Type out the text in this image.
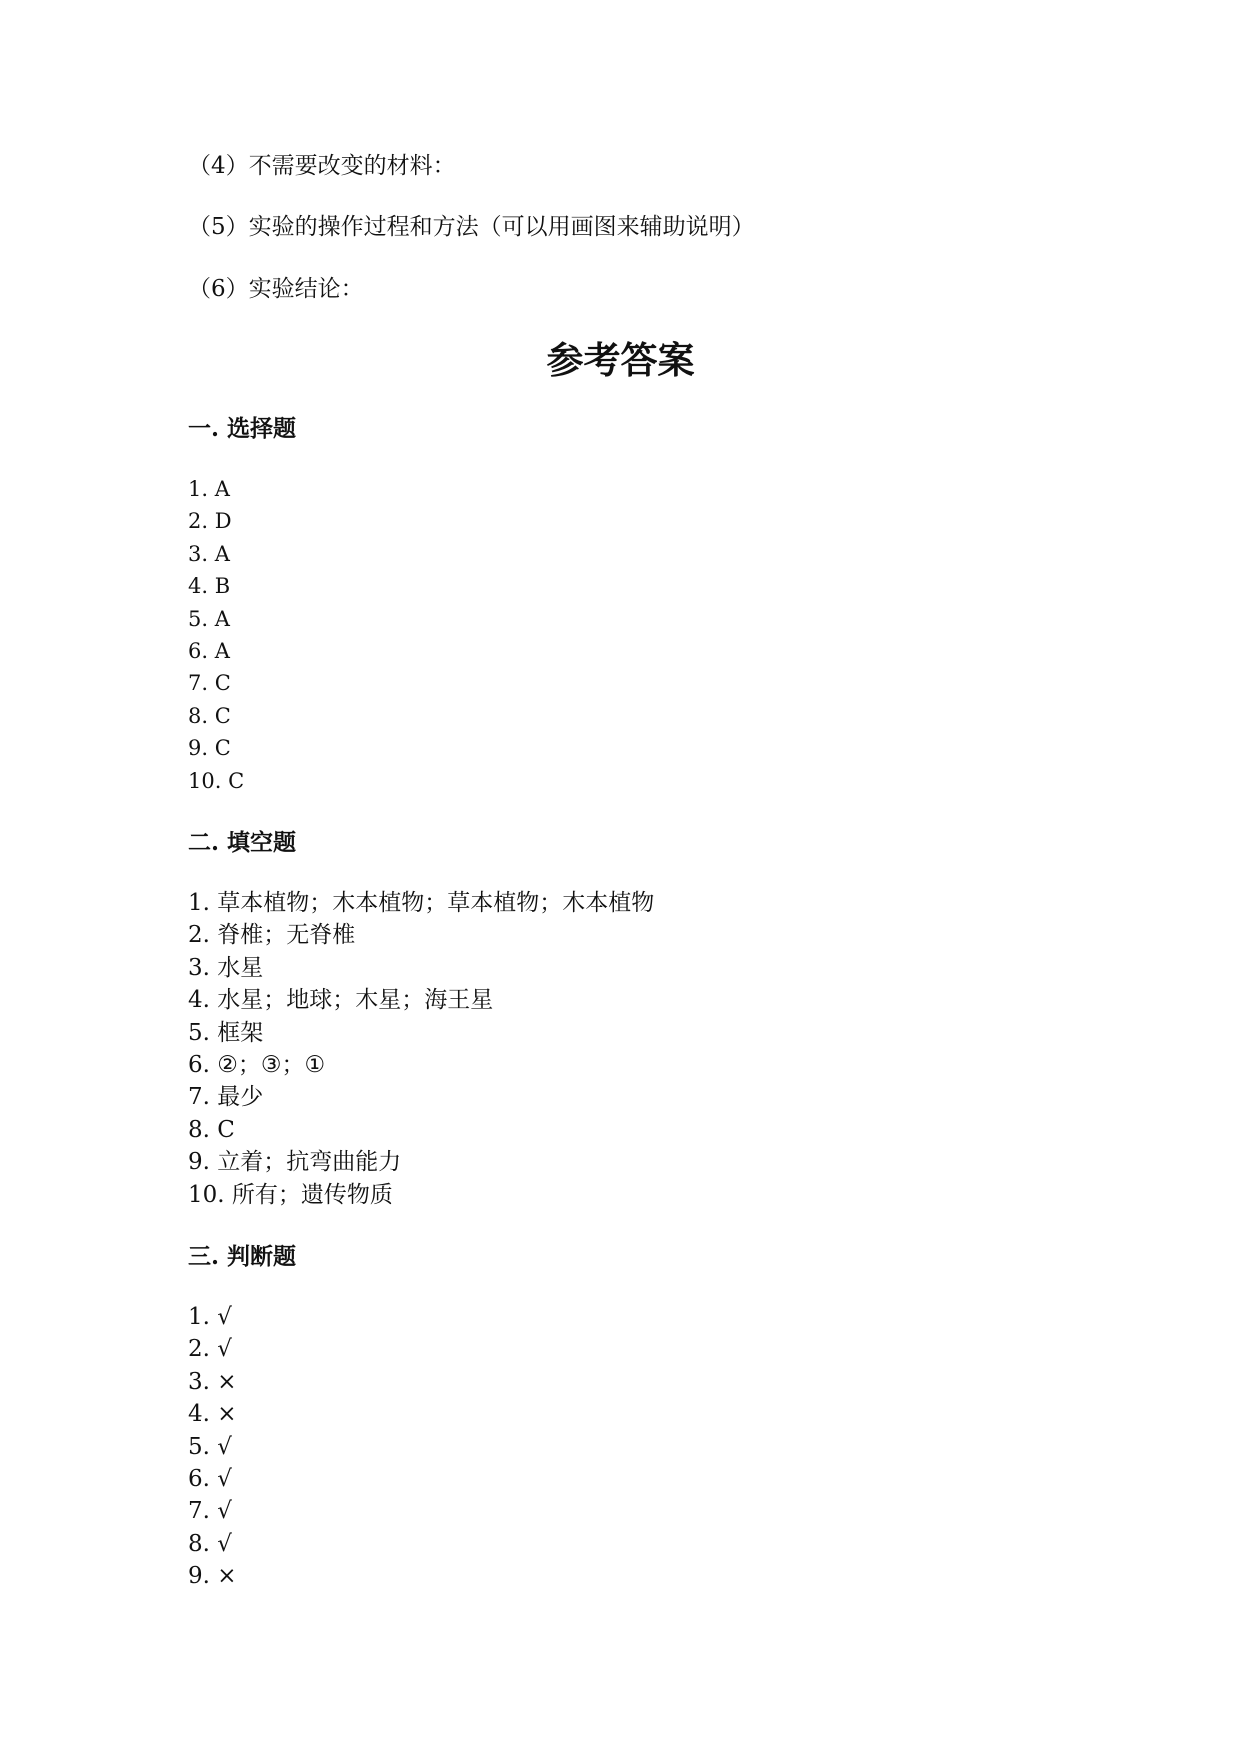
（4）不需要改变的材料：

（5）实验的操作过程和方法（可以用画图来辅助说明）

（6）实验结论：

参考答案
一. 选择题
1. A
2. D
3. A
4. B
5. A
6. A
7. C
8. C
9. C
10. C
二. 填空题
1. 草本植物；木本植物；草本植物；木本植物
2. 脊椎；无脊椎
3. 水星
4. 水星；地球；木星；海王星
5. 框架
6. ②；③；①
7. 最少
8. C
9. 立着；抗弯曲能力
10. 所有；遗传物质
三. 判断题
1. √
2. √
3. ×
4. ×
5. √
6. √
7. √
8. √
9. ×
